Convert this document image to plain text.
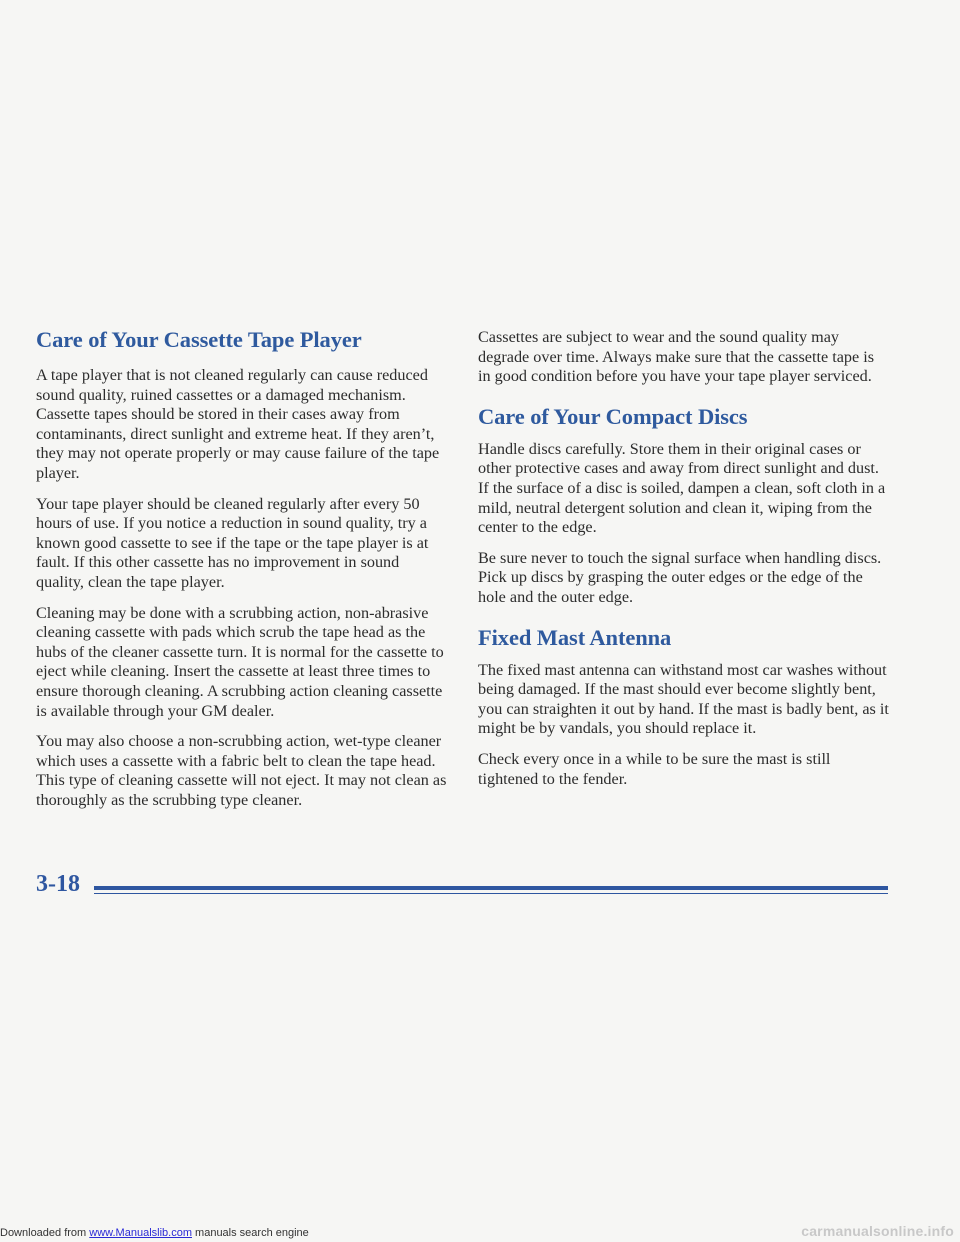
Care of Your Cassette Tape Player

A tape player that is not cleaned regularly can cause reduced sound quality, ruined cassettes or a damaged mechanism. Cassette tapes should be stored in their cases away from contaminants, direct sunlight and extreme heat. If they aren’t, they may not operate properly or may cause failure of the tape player.

Your tape player should be cleaned regularly after every 50 hours of use. If you notice a reduction in sound quality, try a known good cassette to see if the tape or the tape player is at fault. If this other cassette has no improvement in sound quality, clean the tape player.

Cleaning may be done with a scrubbing action, non-abrasive cleaning cassette with pads which scrub the tape head as the hubs of the cleaner cassette turn. It is normal for the cassette to eject while cleaning. Insert the cassette at least three times to ensure thorough cleaning. A scrubbing action cleaning cassette is available through your GM dealer.

You may also choose a non-scrubbing action, wet-type cleaner which uses a cassette with a fabric belt to clean the tape head. This type of cleaning cassette will not eject. It may not clean as thoroughly as the scrubbing type cleaner.

Cassettes are subject to wear and the sound quality may degrade over time. Always make sure that the cassette tape is in good condition before you have your tape player serviced.

Care of Your Compact Discs

Handle discs carefully. Store them in their original cases or other protective cases and away from direct sunlight and dust. If the surface of a disc is soiled, dampen a clean, soft cloth in a mild, neutral detergent solution and clean it, wiping from the center to the edge.

Be sure never to touch the signal surface when handling discs. Pick up discs by grasping the outer edges or the edge of the hole and the outer edge.

Fixed Mast Antenna

The fixed mast antenna can withstand most car washes without being damaged. If the mast should ever become slightly bent, you can straighten it out by hand. If the mast is badly bent, as it might be by vandals, you should replace it.

Check every once in a while to be sure the mast is still tightened to the fender.

3-18
Downloaded from www.Manualslib.com manuals search engine	carmanualsonline.info
